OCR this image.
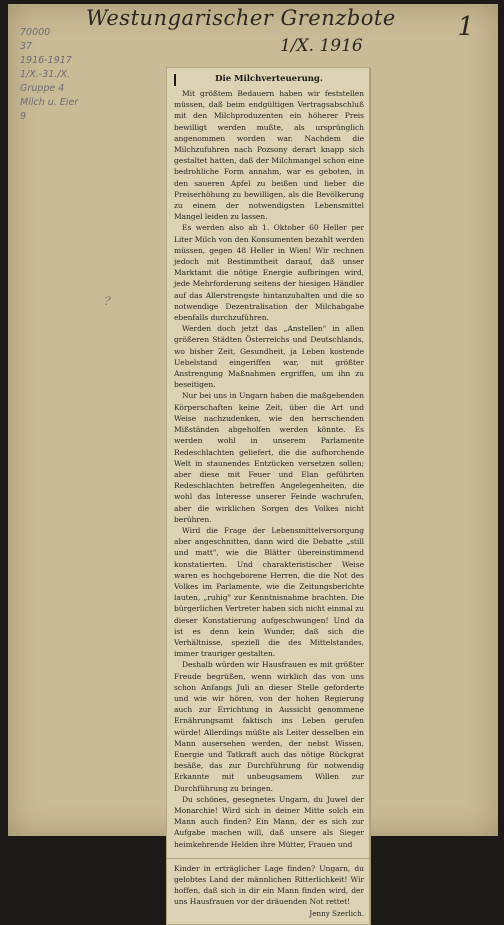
Westungarischer Grenzbote
1/X. 1916
1
70000
37
1916-1917
1/X.-31./X.
Gruppe 4
Milch u. Eier
9
﹖
Die Milchverteuerung.

Mit größtem Bedauern haben wir feststellen müssen, daß beim endgültigen Vertragsabschluß mit den Milchproduzenten ein höherer Preis bewilligt werden mußte, als ursprünglich angenommen worden war. Nachdem die Milchzufuhren nach Pozsony derart knapp sich gestaltet hatten, daß der Milchmangel schon eine bedrohliche Form annahm, war es geboten, in den saueren Apfel zu beißen und lieber die Preiserhöhung zu bewilligen, als die Bevölkerung zu einem der notwendigsten Lebensmittel Mangel leiden zu lassen.

Es werden also ab 1. Oktober 60 Heller per Liter Milch von den Konsumenten bezahlt werden müssen, gegen 48 Heller in Wien! Wir rechnen jedoch mit Bestimmtheit darauf, daß unser Marktamt die nötige Energie aufbringen wird, jede Mehrforderung seitens der hiesigen Händler auf das Allerstrengste hintanzuhalten und die so notwendige Dezentralisation der Milchabgabe ebenfalls durchzuführen.

Werden doch jetzt das „Anstellen" in allen größeren Städten Österreichs und Deutschlands, wo bisher Zeit, Gesundheit, ja Leben kostende Uebelstand eingeriffen war, mit größter Anstrengung Maßnahmen ergriffen, um ihn zu beseitigen.

Nur bei uns in Ungarn haben die maßgebenden Körperschaften keine Zeit, über die Art und Weise nachzudenken, wie den herrschenden Mißständen abgeholfen werden könnte. Es werden wohl in unserem Parlamente Redeschlachten geliefert, die die aufhorchende Welt in staunendes Entzücken versetzen sollen; aber diese mit Feuer und Elan geführten Redeschlachten betreffen Angelegenheiten, die wohl das Interesse unserer Feinde wachrufen, aber die wirklichen Sorgen des Volkes nicht berühren.

Wird die Frage der Lebensmittelversorgung aber angeschnitten, dann wird die Debatte „still und matt", wie die Blätter übereinstimmend konstatierten. Und charakteristischer Weise waren es hochgeborene Herren, die die Not des Volkes im Parlamente, wie die Zeitungsberichte lauten, „ruhig" zur Kenntnisnahme brachten. Die bürgerlichen Vertreter haben sich nicht einmal zu dieser Konstatierung aufgeschwungen! Und da ist es denn kein Wunder, daß sich die Verhältnisse, speziell die des Mittelstandes, immer trauriger gestalten.

Deshalb würden wir Hausfrauen es mit größter Freude begrüßen, wenn wirklich das von uns schon Anfangs Juli an dieser Stelle geforderte und wie wir hören, von der hohen Regierung auch zur Errichtung in Aussicht genommene Ernährungsamt faktisch ins Leben gerufen würde! Allerdings müßte als Leiter desselben ein Mann ausersehen werden, der nebst Wissen, Energie und Tatkraft auch das nötige Rückgrat besäße, das zur Durchführung für notwendig Erkannte mit unbeugsamem Willen zur Durchführung zu bringen.

Du schönes, gesegnetes Ungarn, du Juwel der Monarchie! Wird sich in deiner Mitte solch ein Mann auch finden? Ein Mann, der es sich zur Aufgabe machen will, daß unsere als Sieger heimkehrende Helden ihre Mütter, Frauen und

Kinder in erträglicher Lage finden? Ungarn, du gelobtes Land der männlichen Ritterlichkeit! Wir hoffen, daß sich in dir ein Mann finden wird, der uns Hausfrauen vor der dräuenden Not rettet!

Jenny Szerlich.
